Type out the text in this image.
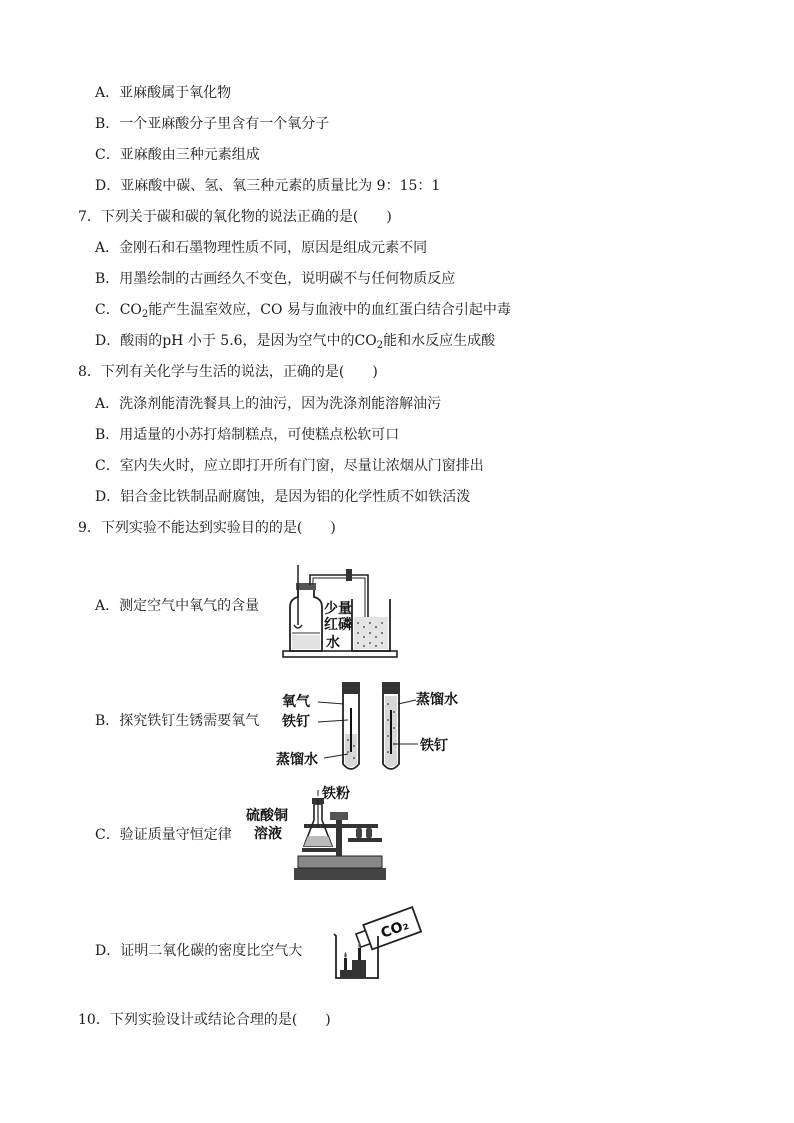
A．亚麻酸属于氧化物
B．一个亚麻酸分子里含有一个氧分子
C．亚麻酸由三种元素组成
D．亚麻酸中碳、氢、氧三种元素的质量比为 9：15：1
7．下列关于碳和碳的氧化物的说法正确的是(　　)
A．金刚石和石墨物理性质不同，原因是组成元素不同
B．用墨绘制的古画经久不变色，说明碳不与任何物质反应
C．$CO_2$能产生温室效应，CO 易与血液中的血红蛋白结合引起中毒
D．酸雨的pH 小于 5.6，是因为空气中的$CO_2$能和水反应生成酸
8．下列有关化学与生活的说法，正确的是(　　)
A．洗涤剂能清洗餐具上的油污，因为洗涤剂能溶解油污
B．用适量的小苏打焙制糕点，可使糕点松软可口
C．室内失火时，应立即打开所有门窗，尽量让浓烟从门窗排出
D．铝合金比铁制品耐腐蚀，是因为铝的化学性质不如铁活泼
9．下列实验不能达到实验目的的是(　　)
A．测定空气中氧气的含量
B．探究铁钉生锈需要氧气
C．验证质量守恒定律
D．证明二氧化碳的密度比空气大
少量
红磷
水
氧气
铁钉
蒸馏水
蒸馏水
铁钉
铁粉
硫酸铜
溶液
CO₂
10．下列实验设计或结论合理的是(　　)
